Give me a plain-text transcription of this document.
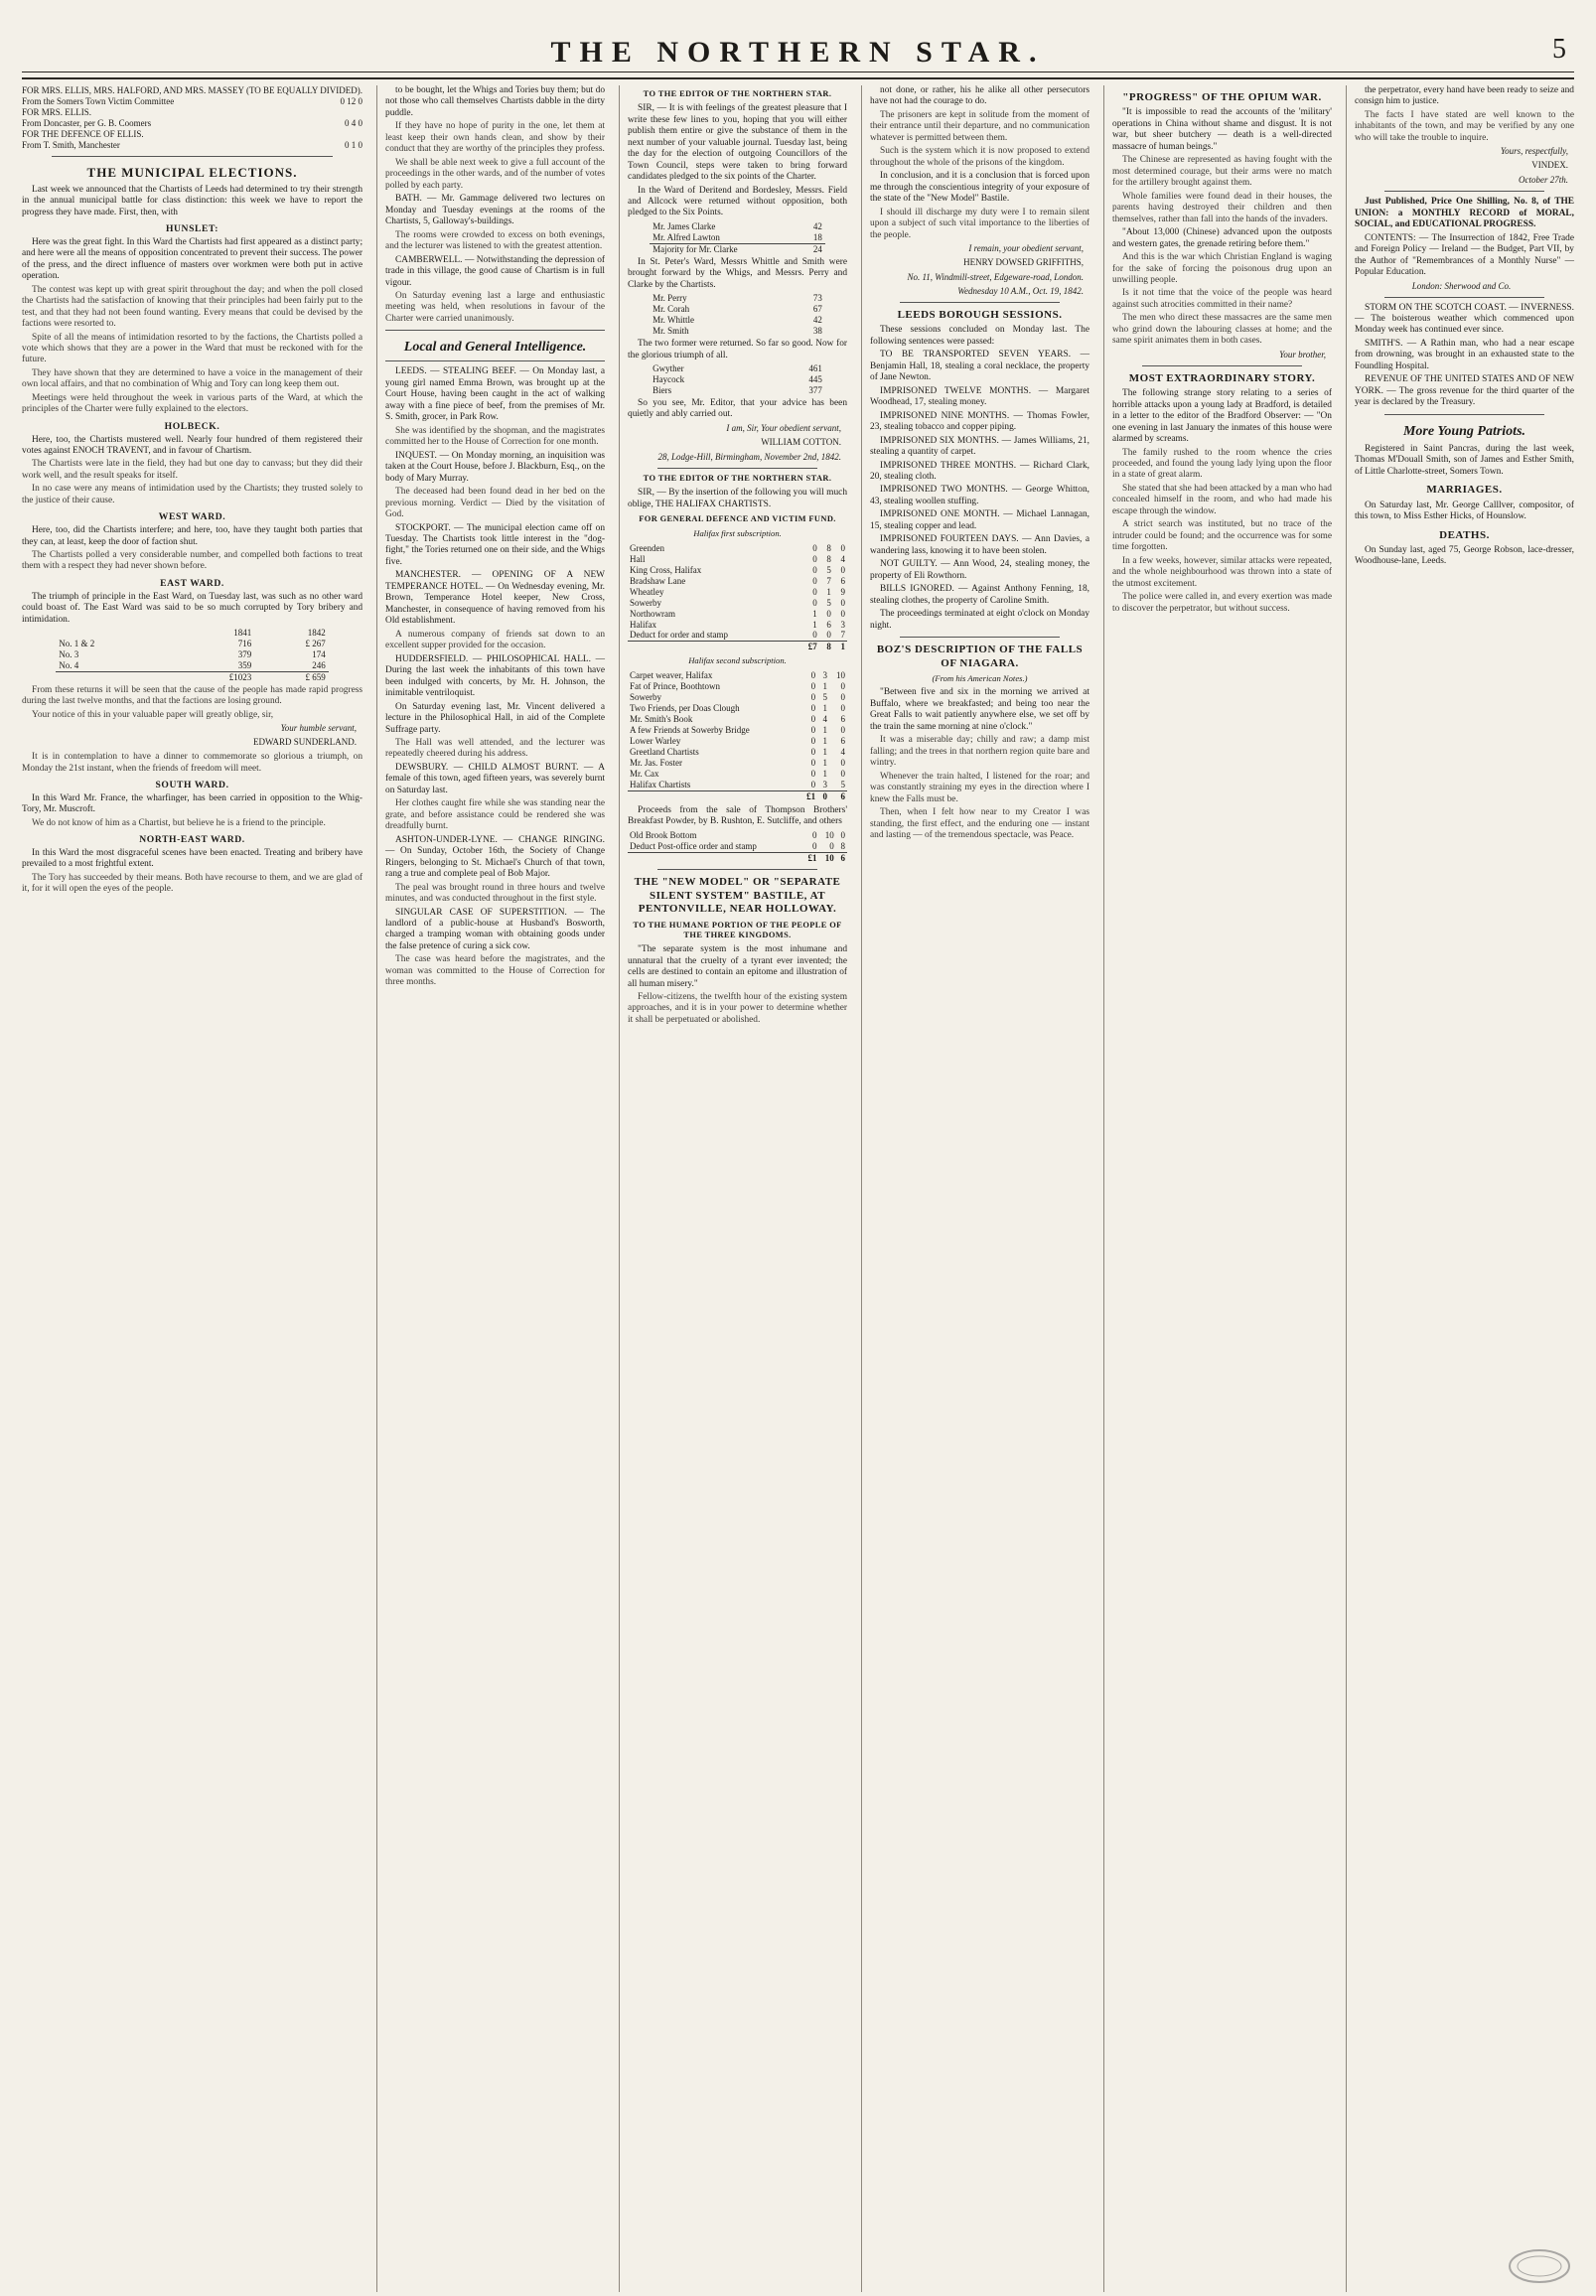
THE NORTHERN STAR.	5
FOR MRS. ELLIS, MRS. HALFORD, AND MRS. MASSEY (TO BE EQUALLY DIVIDED).
From the Somers Town Victim Committee	0 12 0
FOR MRS. ELLIS.
From Doncaster, per G. B. Coomers	0 4 0
FOR THE DEFENCE OF ELLIS.
From T. Smith, Manchester	0 1 0
THE MUNICIPAL ELECTIONS.

Last week we announced that the Chartists of Leeds had determined to try their strength in the annual municipal battle for class distinction: this week we have to report the progress they have made. First, then, with

HUNSLET:

Here was the great fight. In this Ward the Chartists had first appeared as a distinct party; and here were all the means of opposition concentrated to prevent their success. The power of the press, and the direct influence of masters over workmen were both put in active operation.

The contest was kept up with great spirit throughout the day; and when the poll closed the Chartists had the satisfaction of knowing that their principles had been fairly put to the test, and that they had not been found wanting. Every means that could be devised by the factions were resorted to.

Spite of all the means of intimidation resorted to by the factions, the Chartists polled a vote which shows that they are a power in the Ward that must be reckoned with for the future.

They have shown that they are determined to have a voice in the management of their own local affairs, and that no combination of Whig and Tory can long keep them out.

Meetings were held throughout the week in various parts of the Ward, at which the principles of the Charter were fully explained to the electors.

HOLBECK.

Here, too, the Chartists mustered well. Nearly four hundred of them registered their votes against ENOCH TRAVENT, and in favour of Chartism.

The Chartists were late in the field, they had but one day to canvass; but they did their work well, and the result speaks for itself.

In no case were any means of intimidation used by the Chartists; they trusted solely to the justice of their cause.

WEST WARD.

Here, too, did the Chartists interfere; and here, too, have they taught both parties that they can, at least, keep the door of faction shut.

The Chartists polled a very considerable number, and compelled both factions to treat them with a respect they had never shown before.

EAST WARD.

The triumph of principle in the East Ward, on Tuesday last, was such as no other ward could boast of. The East Ward was said to be so much corrupted by Tory bribery and intimidation.

	1841	1842
No. 1 & 2	716	£ 267
No. 3	379	174
No. 4	359	246
	£1023	£ 659

From these returns it will be seen that the cause of the people has made rapid progress during the last twelve months, and that the factions are losing ground.

Your notice of this in your valuable paper will greatly oblige, sir,

Your humble servant,
EDWARD SUNDERLAND.

It is in contemplation to have a dinner to commemorate so glorious a triumph, on Monday the 21st instant, when the friends of freedom will meet.

SOUTH WARD.

In this Ward Mr. France, the wharfinger, has been carried in opposition to the Whig-Tory, Mr. Muscroft.

We do not know of him as a Chartist, but believe he is a friend to the principle.

NORTH-EAST WARD.

In this Ward the most disgraceful scenes have been enacted. Treating and bribery have prevailed to a most frightful extent.

The Tory has succeeded by their means. Both have recourse to them, and we are glad of it, for it will open the eyes of the people.

to be bought, let the Whigs and Tories buy them; but do not those who call themselves Chartists dabble in the dirty puddle.

If they have no hope of purity in the one, let them at least keep their own hands clean, and show by their conduct that they are worthy of the principles they profess.

We shall be able next week to give a full account of the proceedings in the other wards, and of the number of votes polled by each party.

BATH. — Mr. Gammage delivered two lectures on Monday and Tuesday evenings at the rooms of the Chartists, 5, Galloway's-buildings.

The rooms were crowded to excess on both evenings, and the lecturer was listened to with the greatest attention.

CAMBERWELL. — Notwithstanding the depression of trade in this village, the good cause of Chartism is in full vigour.

On Saturday evening last a large and enthusiastic meeting was held, when resolutions in favour of the Charter were carried unanimously.

Local and General Intelligence.

LEEDS. — STEALING BEEF. — On Monday last, a young girl named Emma Brown, was brought up at the Court House, having been caught in the act of walking away with a fine piece of beef, from the premises of Mr. S. Smith, grocer, in Park Row.

She was identified by the shopman, and the magistrates committed her to the House of Correction for one month.

INQUEST. — On Monday morning, an inquisition was taken at the Court House, before J. Blackburn, Esq., on the body of Mary Murray.

The deceased had been found dead in her bed on the previous morning. Verdict — Died by the visitation of God.

STOCKPORT. — The municipal election came off on Tuesday. The Chartists took little interest in the "dog-fight," the Tories returned one on their side, and the Whigs five.

MANCHESTER. — OPENING OF A NEW TEMPERANCE HOTEL. — On Wednesday evening, Mr. Brown, Temperance Hotel keeper, New Cross, Manchester, in consequence of having removed from his Old establishment.

A numerous company of friends sat down to an excellent supper provided for the occasion.

HUDDERSFIELD. — PHILOSOPHICAL HALL. — During the last week the inhabitants of this town have been indulged with concerts, by Mr. H. Johnson, the inimitable ventriloquist.

On Saturday evening last, Mr. Vincent delivered a lecture in the Philosophical Hall, in aid of the Complete Suffrage party.

The Hall was well attended, and the lecturer was repeatedly cheered during his address.

DEWSBURY. — CHILD ALMOST BURNT. — A female of this town, aged fifteen years, was severely burnt on Saturday last.

Her clothes caught fire while she was standing near the grate, and before assistance could be rendered she was dreadfully burnt.

ASHTON-UNDER-LYNE. — CHANGE RINGING. — On Sunday, October 16th, the Society of Change Ringers, belonging to St. Michael's Church of that town, rang a true and complete peal of Bob Major.

The peal was brought round in three hours and twelve minutes, and was conducted throughout in the first style.

SINGULAR CASE OF SUPERSTITION. — The landlord of a public-house at Husband's Bosworth, charged a tramping woman with obtaining goods under the false pretence of curing a sick cow.

The case was heard before the magistrates, and the woman was committed to the House of Correction for three months.

TO THE EDITOR OF THE NORTHERN STAR.

SIR, — It is with feelings of the greatest pleasure that I write these few lines to you, hoping that you will either publish them entire or give the substance of them in the next number of your valuable journal. Tuesday last, being the day for the election of outgoing Councillors of the Town Council, steps were taken to bring forward candidates pledged to the six points of the Charter.

In the Ward of Deritend and Bordesley, Messrs. Field and Allcock were returned without opposition, both pledged to the Six Points.

Mr. James Clarke	42
Mr. Alfred Lawton	18
Majority for Mr. Clarke	24

In St. Peter's Ward, Messrs Whittle and Smith were brought forward by the Whigs, and Messrs. Perry and Clarke by the Chartists.

Mr. Perry	73
Mr. Corah	67
Mr. Whittle	42
Mr. Smith	38

The two former were returned. So far so good. Now for the glorious triumph of all.

Gwyther	461
Haycock	445
Biers	377

So you see, Mr. Editor, that your advice has been quietly and ably carried out.

I am, Sir, Your obedient servant,
WILLIAM COTTON.
28, Lodge-Hill, Birmingham, November 2nd, 1842.
TO THE EDITOR OF THE NORTHERN STAR.

SIR, — By the insertion of the following you will much oblige, THE HALIFAX CHARTISTS.

FOR GENERAL DEFENCE AND VICTIM FUND.
Halifax first subscription.
Greenden	0	8	0
Hall	0	8	4
King Cross, Halifax	0	5	0
Bradshaw Lane	0	7	6
Wheatley	0	1	9
Sowerby	0	5	0
Northowram	1	0	0
Halifax	1	6	3
Deduct for order and stamp	0	0	7
	£7	8	1
Halifax second subscription.
Carpet weaver, Halifax	0	3	10
Fat of Prince, Boothtown	0	1	0
Sowerby	0	5	0
Two Friends, per Doas Clough	0	1	0
Mr. Smith's Book	0	4	6
A few Friends at Sowerby Bridge	0	1	0
Lower Warley	0	1	6
Greetland Chartists	0	1	4
Mr. Jas. Foster	0	1	0
Mr. Cax	0	1	0
Halifax Chartists	0	3	5
	£1	0	6

Proceeds from the sale of Thompson Brothers' Breakfast Powder, by B. Rushton, E. Sutcliffe, and others

Old Brook Bottom	0	10	0
Deduct Post-office order and stamp	0	0	8
	£1	10	6
THE "NEW MODEL" OR "SEPARATE SILENT SYSTEM" BASTILE, AT PENTONVILLE, NEAR HOLLOWAY.
TO THE HUMANE PORTION OF THE PEOPLE OF THE THREE KINGDOMS.

"The separate system is the most inhumane and unnatural that the cruelty of a tyrant ever invented; the cells are destined to contain an epitome and illustration of all human misery."

Fellow-citizens, the twelfth hour of the existing system approaches, and it is in your power to determine whether it shall be perpetuated or abolished.

not done, or rather, his he alike all other persecutors have not had the courage to do.

The prisoners are kept in solitude from the moment of their entrance until their departure, and no communication whatever is permitted between them.

Such is the system which it is now proposed to extend throughout the whole of the prisons of the kingdom.

In conclusion, and it is a conclusion that is forced upon me through the conscientious integrity of your exposure of the state of the "New Model" Bastile.

I should ill discharge my duty were I to remain silent upon a subject of such vital importance to the liberties of the people.

I remain, your obedient servant,
HENRY DOWSED GRIFFITHS,
No. 11, Windmill-street, Edgeware-road, London.
Wednesday 10 A.M., Oct. 19, 1842.
LEEDS BOROUGH SESSIONS.

These sessions concluded on Monday last. The following sentences were passed:

TO BE TRANSPORTED SEVEN YEARS. — Benjamin Hall, 18, stealing a coral necklace, the property of Jane Newton.

IMPRISONED TWELVE MONTHS. — Margaret Woodhead, 17, stealing money.

IMPRISONED NINE MONTHS. — Thomas Fowler, 23, stealing tobacco and copper piping.

IMPRISONED SIX MONTHS. — James Williams, 21, stealing a quantity of carpet.

IMPRISONED THREE MONTHS. — Richard Clark, 20, stealing cloth.

IMPRISONED TWO MONTHS. — George Whitton, 43, stealing woollen stuffing.

IMPRISONED ONE MONTH. — Michael Lannagan, 15, stealing copper and lead.

IMPRISONED FOURTEEN DAYS. — Ann Davies, a wandering lass, knowing it to have been stolen.

NOT GUILTY. — Ann Wood, 24, stealing money, the property of Eli Rowthorn.

BILLS IGNORED. — Against Anthony Fenning, 18, stealing clothes, the property of Caroline Smith.

The proceedings terminated at eight o'clock on Monday night.

BOZ'S DESCRIPTION OF THE FALLS OF NIAGARA.
(From his American Notes.)

"Between five and six in the morning we arrived at Buffalo, where we breakfasted; and being too near the Great Falls to wait patiently anywhere else, we set off by the train the same morning at nine o'clock."

It was a miserable day; chilly and raw; a damp mist falling; and the trees in that northern region quite bare and wintry.

Whenever the train halted, I listened for the roar; and was constantly straining my eyes in the direction where I knew the Falls must be.

Then, when I felt how near to my Creator I was standing, the first effect, and the enduring one — instant and lasting — of the tremendous spectacle, was Peace.

"PROGRESS" OF THE OPIUM WAR.

"It is impossible to read the accounts of the 'military' operations in China without shame and disgust. It is not war, but sheer butchery — death is a well-directed massacre of human beings."

The Chinese are represented as having fought with the most determined courage, but their arms were no match for the artillery brought against them.

Whole families were found dead in their houses, the parents having destroyed their children and then themselves, rather than fall into the hands of the invaders.

"About 13,000 (Chinese) advanced upon the outposts and western gates, the grenade retiring before them."

And this is the war which Christian England is waging for the sake of forcing the poisonous drug upon an unwilling people.

Is it not time that the voice of the people was heard against such atrocities committed in their name?

The men who direct these massacres are the same men who grind down the labouring classes at home; and the same spirit animates them in both cases.

Your brother,
MOST EXTRAORDINARY STORY.

The following strange story relating to a series of horrible attacks upon a young lady at Bradford, is detailed in a letter to the editor of the Bradford Observer: — "On one evening in last January the inmates of this house were alarmed by screams.

The family rushed to the room whence the cries proceeded, and found the young lady lying upon the floor in a state of great alarm.

She stated that she had been attacked by a man who had concealed himself in the room, and who had made his escape through the window.

A strict search was instituted, but no trace of the intruder could be found; and the occurrence was for some time forgotten.

In a few weeks, however, similar attacks were repeated, and the whole neighbourhood was thrown into a state of the utmost excitement.

The police were called in, and every exertion was made to discover the perpetrator, but without success.

the perpetrator, every hand have been ready to seize and consign him to justice.

The facts I have stated are well known to the inhabitants of the town, and may be verified by any one who will take the trouble to inquire.

Yours, respectfully,
VINDEX.
October 27th.

Just Published, Price One Shilling, No. 8, of THE UNION: a MONTHLY RECORD of MORAL, SOCIAL, and EDUCATIONAL PROGRESS.

CONTENTS: — The Insurrection of 1842, Free Trade and Foreign Policy — Ireland — the Budget, Part VII, by the Author of "Remembrances of a Monthly Nurse" — Popular Education.

London: Sherwood and Co.

STORM ON THE SCOTCH COAST. — INVERNESS. — The boisterous weather which commenced upon Monday week has continued ever since.

SMITH'S. — A Rathin man, who had a near escape from drowning, was brought in an exhausted state to the Foundling Hospital.

REVENUE OF THE UNITED STATES AND OF NEW YORK. — The gross revenue for the third quarter of the year is declared by the Treasury.

More Young Patriots.

Registered in Saint Pancras, during the last week, Thomas M'Douall Smith, son of James and Esther Smith, of Little Charlotte-street, Somers Town.

MARRIAGES.

On Saturday last, Mr. George Calllver, compositor, of this town, to Miss Esther Hicks, of Hounslow.

DEATHS.

On Sunday last, aged 75, George Robson, lace-dresser, Woodhouse-lane, Leeds.
